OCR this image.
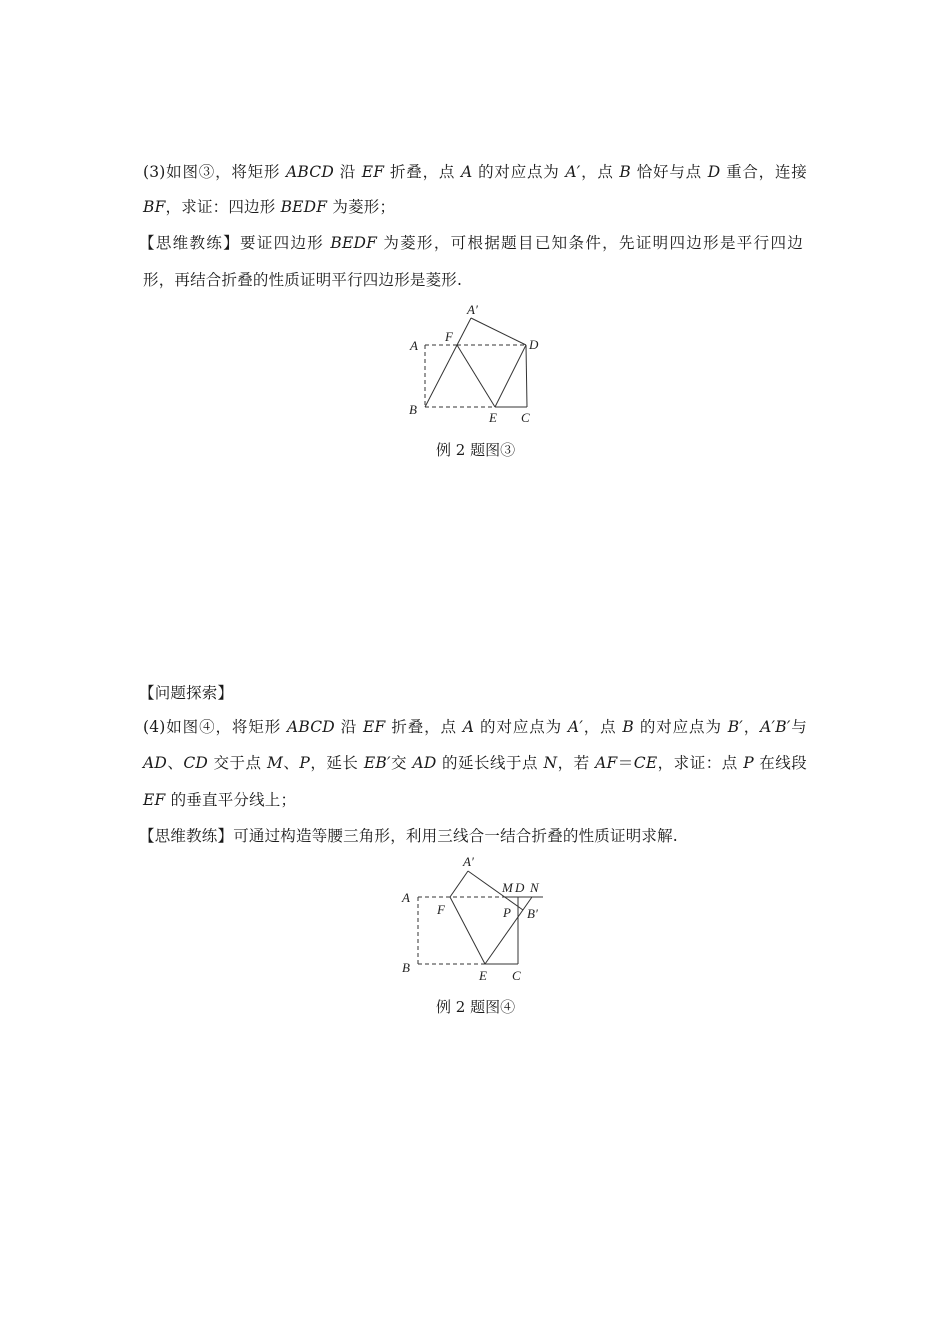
(3)如图③，将矩形 ABCD 沿 EF 折叠，点 A 的对应点为 A′，点 B 恰好与点 D 重合，连接
BF，求证：四边形 BEDF 为菱形；
【思维教练】要证四边形 BEDF 为菱形，可根据题目已知条件，先证明四边形是平行四边
形，再结合折叠的性质证明平行四边形是菱形.
A
A′
F
D
B
E C
例 2 题图③
【问题探索】
(4)如图④，将矩形 ABCD 沿 EF 折叠，点 A 的对应点为 A′，点 B 的对应点为 B′，A′B′与
AD、CD 交于点 M、P，延长 EB′交 AD 的延长线于点 N，若 AF＝CE，求证：点 P 在线段
EF 的垂直平分线上；
【思维教练】可通过构造等腰三角形，利用三线合一结合折叠的性质证明求解.
A
A′
F
M D N
P B′
B
E C
例 2 题图④
